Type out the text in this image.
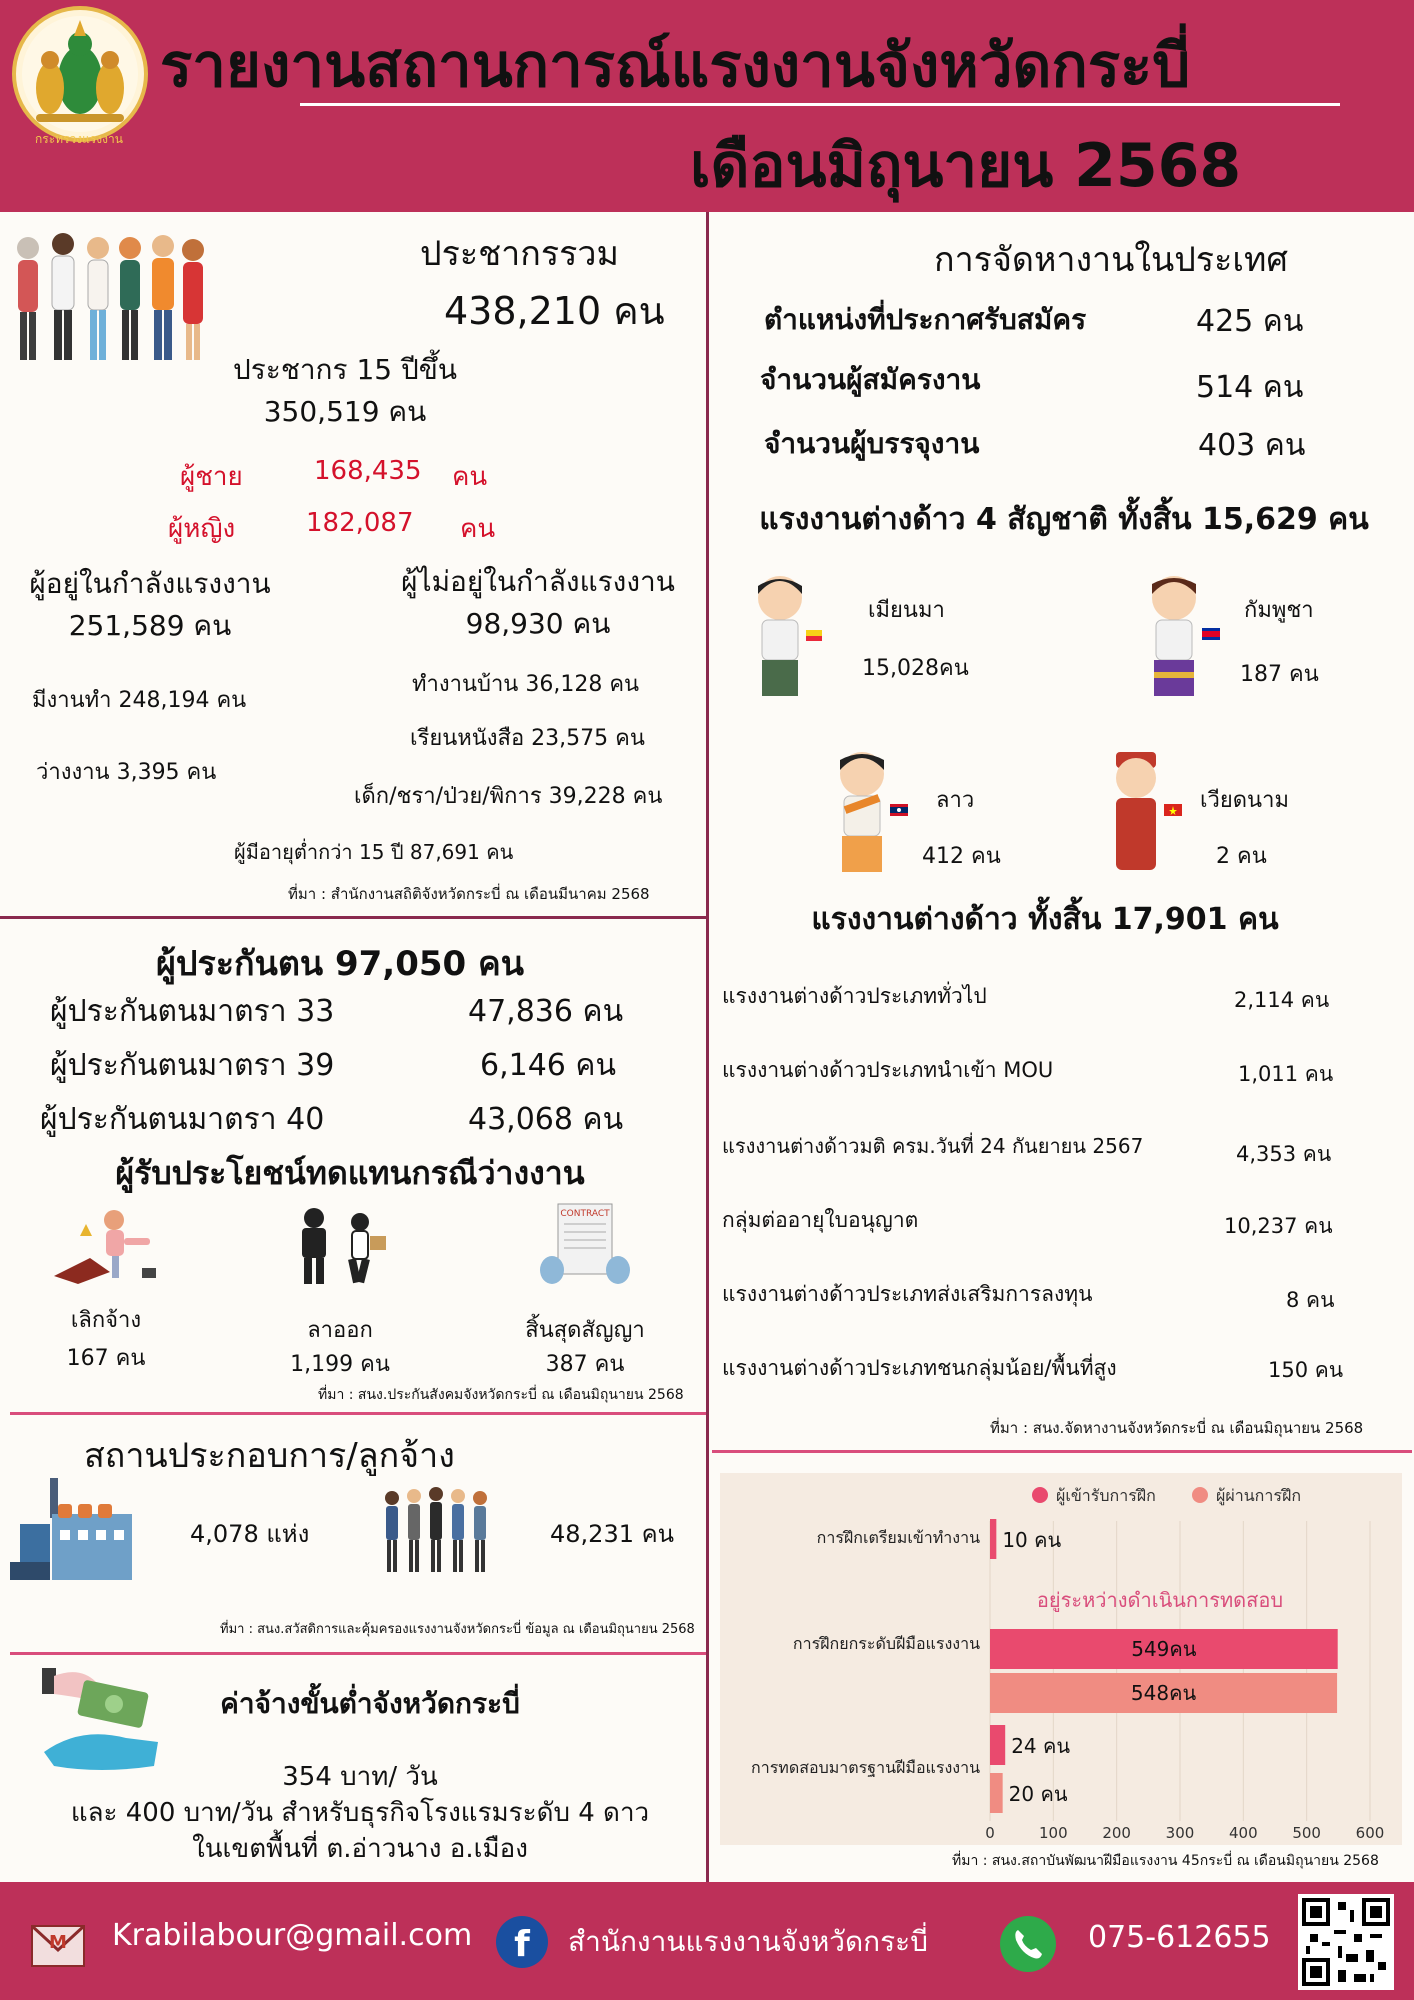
กระทรวงแรงงาน
รายงานสถานการณ์แรงงานจังหวัดกระบี่
เดือนมิถุนายน 2568
ประชากรรวม
438,210 คน
ประชากร 15 ปีขึ้น
350,519 คน
ผู้ชาย	168,435 คน
ผู้หญิง	182,087 คน
ผู้อยู่ในกำลังแรงงาน
251,589 คน
ผู้ไม่อยู่ในกำลังแรงงาน
98,930 คน
มีงานทำ 248,194 คน
ว่างงาน 3,395 คน
ทำงานบ้าน 36,128 คน
เรียนหนังสือ 23,575 คน
เด็ก/ชรา/ป่วย/พิการ 39,228 คน
ผู้มีอายุต่ำกว่า 15 ปี 87,691 คน
ที่มา : สำนักงานสถิติจังหวัดกระบี่ ณ เดือนมีนาคม 2568
ผู้ประกันตน 97,050 คน
ผู้ประกันตนมาตรา 33	47,836 คน
ผู้ประกันตนมาตรา 39	6,146 คน
ผู้ประกันตนมาตรา 40	43,068 คน
ผู้รับประโยชน์ทดแทนกรณีว่างงาน
CONTRACT
เลิกจ้าง
167 คน
ลาออก
1,199 คน
สิ้นสุดสัญญา
387 คน
ที่มา : สนง.ประกันสังคมจังหวัดกระบี่ ณ เดือนมิถุนายน 2568
สถานประกอบการ/ลูกจ้าง
4,078 แห่ง	48,231 คน
ที่มา : สนง.สวัสดิการและคุ้มครองแรงงานจังหวัดกระบี่ ข้อมูล ณ เดือนมิถุนายน 2568
ค่าจ้างขั้นต่ำจังหวัดกระบี่
354 บาท/ วัน
และ 400 บาท/วัน สำหรับธุรกิจโรงแรมระดับ 4 ดาว
ในเขตพื้นที่ ต.อ่าวนาง อ.เมือง
การจัดหางานในประเทศ
ตำแหน่งที่ประกาศรับสมัคร	425 คน
จำนวนผู้สมัครงาน	514 คน
จำนวนผู้บรรจุงาน	403 คน
แรงงานต่างด้าว 4 สัญชาติ ทั้งสิ้น 15,629 คน
เมียนมา
15,028คน
กัมพูชา
187 คน
ลาว
412 คน
เวียดนาม
2 คน
แรงงานต่างด้าว ทั้งสิ้น 17,901 คน
แรงงานต่างด้าวประเภททั่วไป	2,114 คน
แรงงานต่างด้าวประเภทนำเข้า MOU	1,011 คน
แรงงานต่างด้าวมติ ครม.วันที่ 24 กันยายน 2567	4,353 คน
กลุ่มต่ออายุใบอนุญาต	10,237 คน
แรงงานต่างด้าวประเภทส่งเสริมการลงทุน	8 คน
แรงงานต่างด้าวประเภทชนกลุ่มน้อย/พื้นที่สูง	150 คน
ที่มา : สนง.จัดหางานจังหวัดกระบี่ ณ เดือนมิถุนายน 2568
0	100 200 300 400 500 600
ผู้เข้ารับการฝึก	ผู้ผ่านการฝึก
การฝึกเตรียมเข้าทำงาน
การฝึกยกระดับฝีมือแรงงาน
การทดสอบมาตรฐานฝีมือแรงงาน
10 คน
549คน
24 คน
548คน
20 คน
อยู่ระหว่างดำเนินการทดสอบ
ที่มา : สนง.สถาบันพัฒนาฝีมือแรงงาน 45กระบี่ ณ เดือนมิถุนายน 2568
M Krabilabour@gmail.com f สำนักงานแรงงานจังหวัดกระบี่	075-612655
